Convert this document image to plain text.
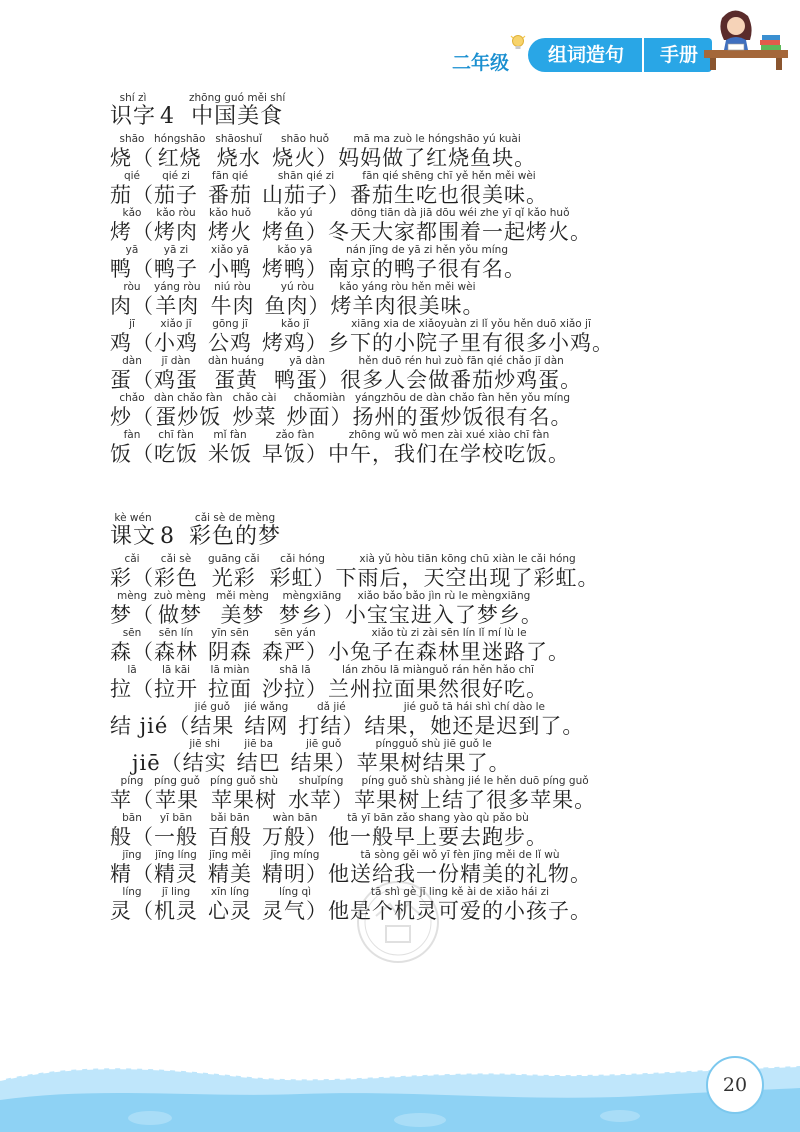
二年级	组词造句	手册
shí zì
识字 4
zhōng guó měi shí
中国美食
shāo
烧（
hóngshāo
红烧
shāoshuǐ
烧水
shāo huǒ
烧火）
mā ma zuò le hóngshāo yú kuài
妈妈做了红烧鱼块。
qié
茄（
qié zi
茄子
fān qié
番茄
shān qié zi
山茄子）
fān qié shēng chī yě hěn měi wèi
番茄生吃也很美味。
kǎo
烤（
kǎo ròu
烤肉
kǎo huǒ
烤火
kǎo yú
烤鱼）
dōng tiān dà jiā dōu wéi zhe yī qǐ kǎo huǒ
冬天大家都围着一起烤火。
yā
鸭（
yā zi
鸭子
xiǎo yā
小鸭
kǎo yā
烤鸭）
nán jīng de yā zi hěn yǒu míng
南京的鸭子很有名。
ròu
肉（
yáng ròu
羊肉
niú ròu
牛肉
yú ròu
鱼肉）
kǎo yáng ròu hěn měi wèi
烤羊肉很美味。
jī
鸡（
xiǎo jī
小鸡
gōng jī
公鸡
kǎo jī
烤鸡）
xiāng xia de xiǎoyuàn zi lǐ yǒu hěn duō xiǎo jī
乡下的小院子里有很多小鸡。
dàn
蛋（
jī dàn
鸡蛋
dàn huáng
蛋黄
yā dàn
鸭蛋）
hěn duō rén huì zuò fān qié chǎo jī dàn
很多人会做番茄炒鸡蛋。
chǎo
炒（
dàn chǎo fàn
蛋炒饭
chǎo cài
炒菜
chǎomiàn
炒面）
yángzhōu de dàn chǎo fàn hěn yǒu míng
扬州的蛋炒饭很有名。
fàn
饭（
chī fàn
吃饭
mǐ fàn
米饭
zǎo fàn
早饭）
zhōng wǔ wǒ men zài xué xiào chī fàn
中午，我们在学校吃饭。
kè wén
课文 8
cǎi sè de mèng
彩色的梦
cǎi
彩（
cǎi sè
彩色
guāng cǎi
光彩
cǎi hóng
彩虹）
xià yǔ hòu tiān kōng chū xiàn le cǎi hóng
下雨后，天空出现了彩虹。
mèng
梦（
zuò mèng
做梦
měi mèng
美梦
mèngxiāng
梦乡）
xiǎo bǎo bǎo jìn rù le mèngxiāng
小宝宝进入了梦乡。
sēn
森（
sēn lín
森林
yīn sēn
阴森
sēn yán
森严）
xiǎo tù zi zài sēn lín lǐ mí lù le
小兔子在森林里迷路了。
lā
拉（
lā kāi
拉开
lā miàn
拉面
shā lā
沙拉）
lán zhōu lā miànguǒ rán hěn hǎo chī
兰州拉面果然很好吃。
结 jié（
jié guǒ
结果
jié wǎng
结网
dǎ jié
打结）
jié guǒ tā hái shì chí dào le
结果，她还是迟到了。
jiē（
jiē shi
结实
jiē ba
结巴
jiē guǒ
结果）
píngguǒ shù jiē guǒ le
苹果树结果了。
píng
苹（
píng guǒ
苹果
píng guǒ shù
苹果树
shuǐpíng
水苹）
píng guǒ shù shàng jié le hěn duō píng guǒ
苹果树上结了很多苹果。
bān
般（
yī bān
一般
bǎi bān
百般
wàn bān
万般）
tā yī bān zǎo shang yào qù pǎo bù
他一般早上要去跑步。
jīng
精（
jīng líng
精灵
jīng měi
精美
jīng míng
精明）
tā sòng gěi wǒ yī fèn jīng měi de lǐ wù
他送给我一份精美的礼物。
líng
灵（
jī ling
机灵
xīn líng
心灵
líng qì
灵气）
tā shì gè jī ling kě ài de xiǎo hái zi
他是个机灵可爱的小孩子。
20
